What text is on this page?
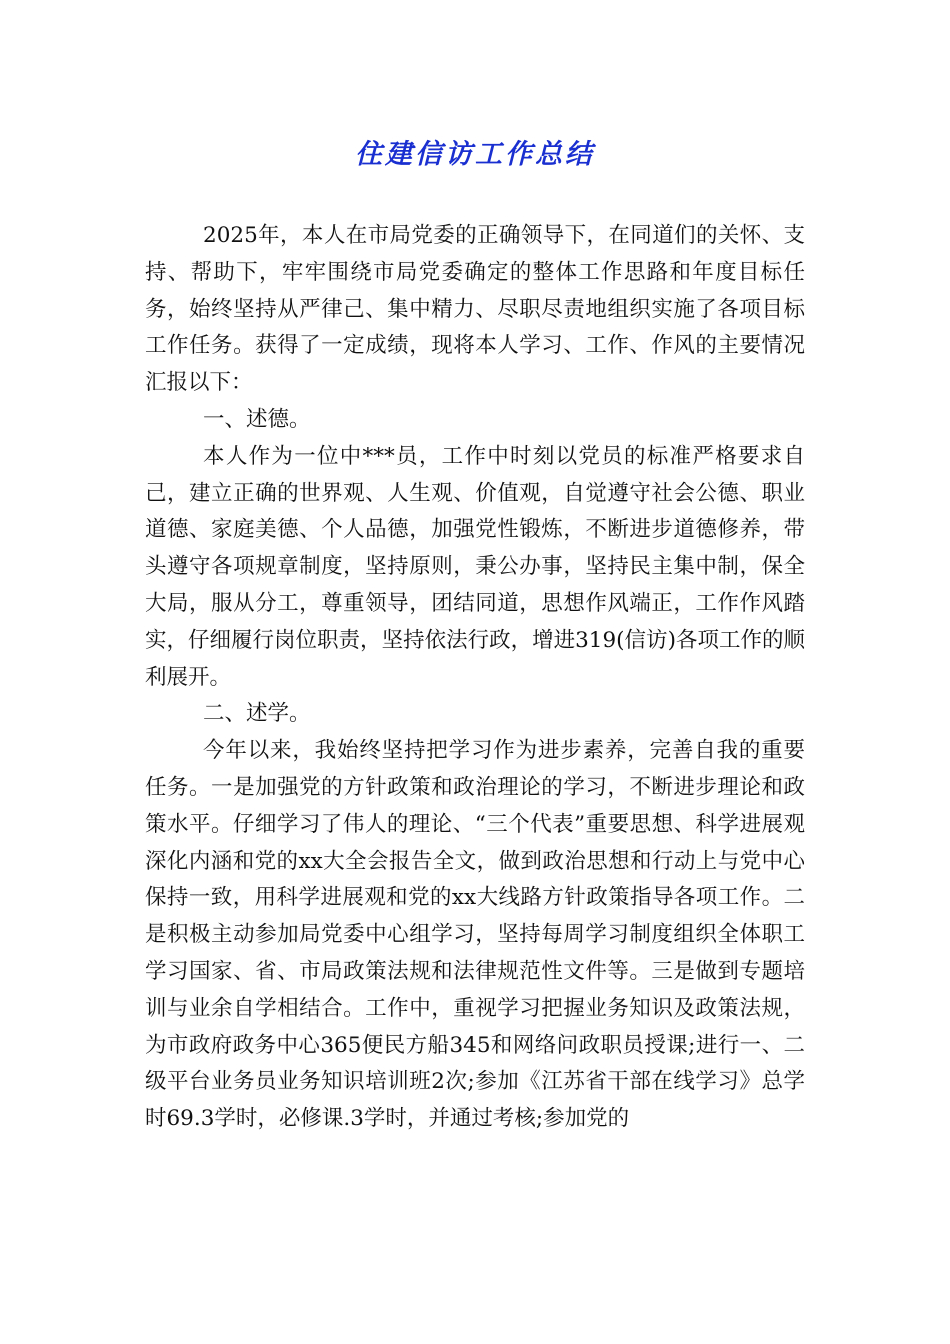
住建信访工作总结

2025年，本人在市局党委的正确领导下，在同道们的关怀、支持、帮助下，牢牢围绕市局党委确定的整体工作思路和年度目标任务，始终坚持从严律己、集中精力、尽职尽责地组织实施了各项目标工作任务。获得了一定成绩，现将本人学习、工作、作风的主要情况汇报以下：

一、述德。

本人作为一位中***员，工作中时刻以党员的标准严格要求自己，建立正确的世界观、人生观、价值观，自觉遵守社会公德、职业道德、家庭美德、个人品德，加强党性锻炼，不断进步道德修养，带头遵守各项规章制度，坚持原则，秉公办事，坚持民主集中制，保全大局，服从分工，尊重领导，团结同道，思想作风端正，工作作风踏实，仔细履行岗位职责，坚持依法行政，增进319(信访)各项工作的顺利展开。

二、述学。

今年以来，我始终坚持把学习作为进步素养，完善自我的重要任务。一是加强党的方针政策和政治理论的学习，不断进步理论和政策水平。仔细学习了伟人的理论、“三个代表”重要思想、科学进展观深化内涵和党的xx大全会报告全文，做到政治思想和行动上与党中心保持一致，用科学进展观和党的xx大线路方针政策指导各项工作。二是积极主动参加局党委中心组学习，坚持每周学习制度组织全体职工学习国家、省、市局政策法规和法律规范性文件等。三是做到专题培训与业余自学相结合。工作中，重视学习把握业务知识及政策法规，为市政府政务中心365便民方船345和网络问政职员授课;进行一、二级平台业务员业务知识培训班2次;参加《江苏省干部在线学习》总学时69.3学时，必修课.3学时，并通过考核;参加党的
